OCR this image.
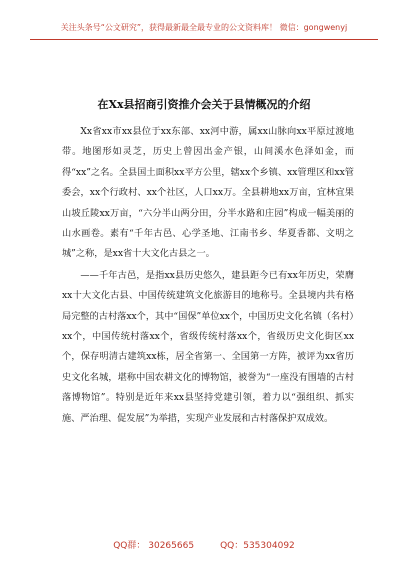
关注头条号“公文研究”，获得最新最全最专业的公文资料库！ 微信：gongwenyj
在Xx县招商引资推介会关于县情概况的介绍

Xx省xx市xx县位于xx东部、xx河中游，属xx山脉向xx平原过渡地带。地图形如灵芝，历史上曾因出金产银，山间溪水色泽如金，而得“xx”之名。全县国土面积xx平方公里，辖xx个乡镇、xx管理区和xx管委会，xx个行政村、xx个社区，人口xx万。全县耕地xx万亩，宜林宜果山坡丘陵xx万亩，“六分半山两分田，分半水路和庄园”构成一幅美丽的山水画卷。素有“千年古邑、心学圣地、江南书乡、华夏香都、文明之城”之称，是xx省十大文化古县之一。

——千年古邑，是指xx县历史悠久，建县距今已有xx年历史，荣膺xx十大文化古县、中国传统建筑文化旅游目的地称号。全县境内共有格局完整的古村落xx个，其中“国保”单位xx个，中国历史文化名镇（名村）xx个，中国传统村落xx个，省级传统村落xx个，省级历史文化街区xx个，保存明清古建筑xx栋，居全省第一、全国第一方阵，被评为xx省历史文化名城，堪称中国农耕文化的博物馆，被誉为“一座没有围墙的古村落博物馆”。特别是近年来xx县坚持党建引领，着力以“强组织、抓实施、严治理、促发展”为举措，实现产业发展和古村落保护双成效。

QQ群： 30265665	QQ：535304092
